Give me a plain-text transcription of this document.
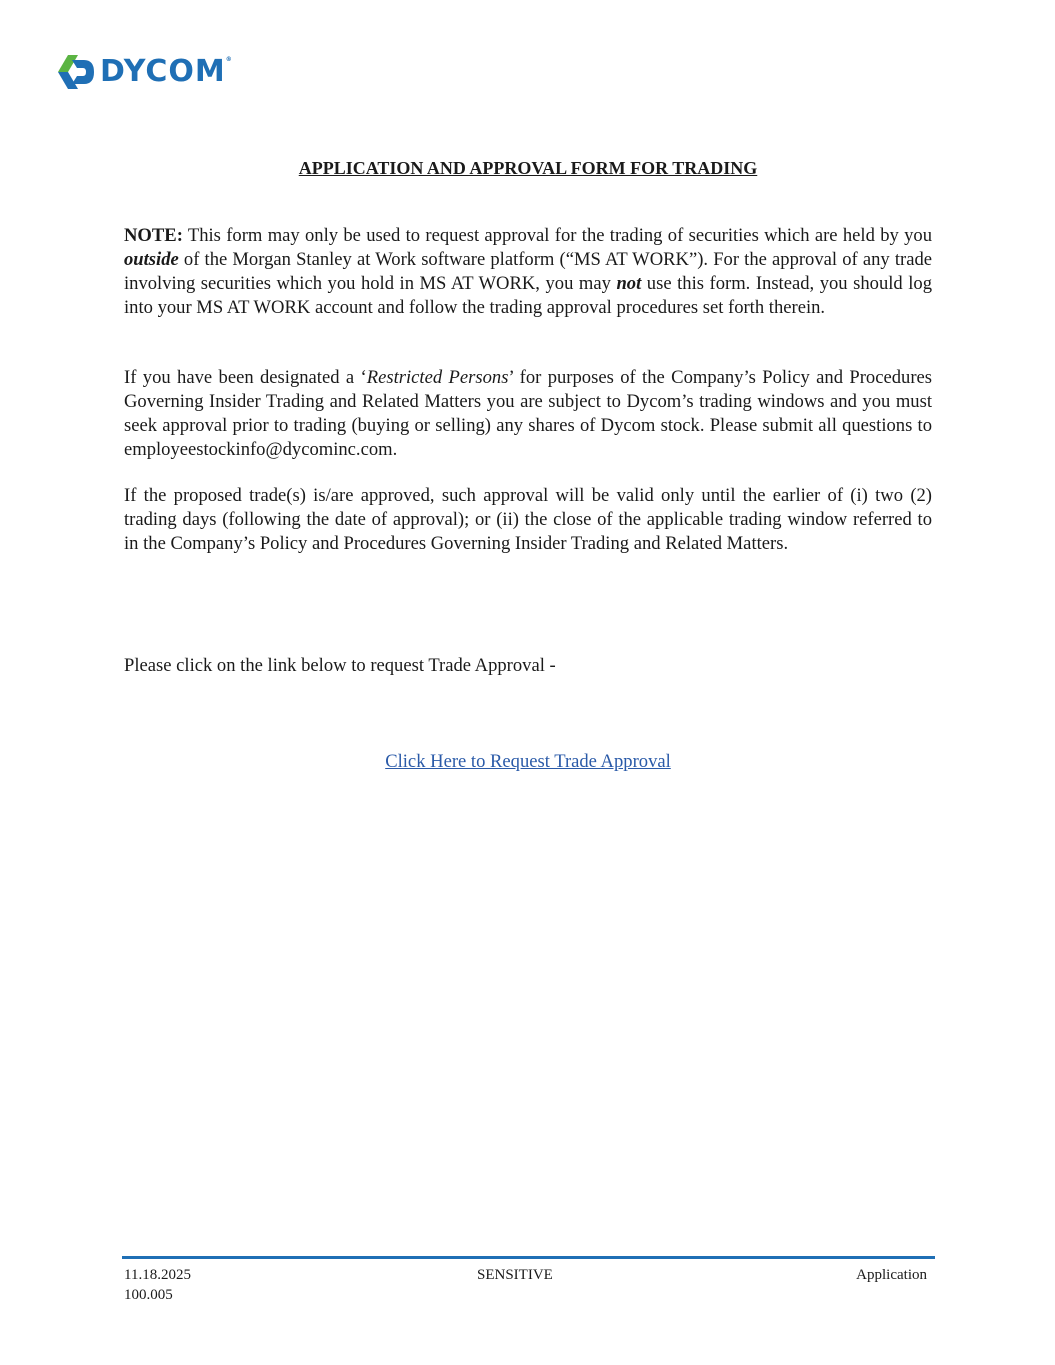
DYCOM®
APPLICATION AND APPROVAL FORM FOR TRADING

NOTE: This form may only be used to request approval for the trading of securities which are held by you outside of the Morgan Stanley at Work software platform (“MS AT WORK”). For the approval of any trade involving securities which you hold in MS AT WORK, you may not use this form. Instead, you should log into your MS AT WORK account and follow the trading approval procedures set forth therein.

If you have been designated a ‘Restricted Persons’ for purposes of the Company’s Policy and Procedures Governing Insider Trading and Related Matters you are subject to Dycom’s trading windows and you must seek approval prior to trading (buying or selling) any shares of Dycom stock. Please submit all questions to employeestockinfo@dycominc.com.

If the proposed trade(s) is/are approved, such approval will be valid only until the earlier of (i) two (2) trading days (following the date of approval); or (ii) the close of the applicable trading window referred to in the Company’s Policy and Procedures Governing Insider Trading and Related Matters.

Please click on the link below to request Trade Approval -

Click Here to Request Trade Approval
11.18.2025
100.005
SENSITIVE	Application
